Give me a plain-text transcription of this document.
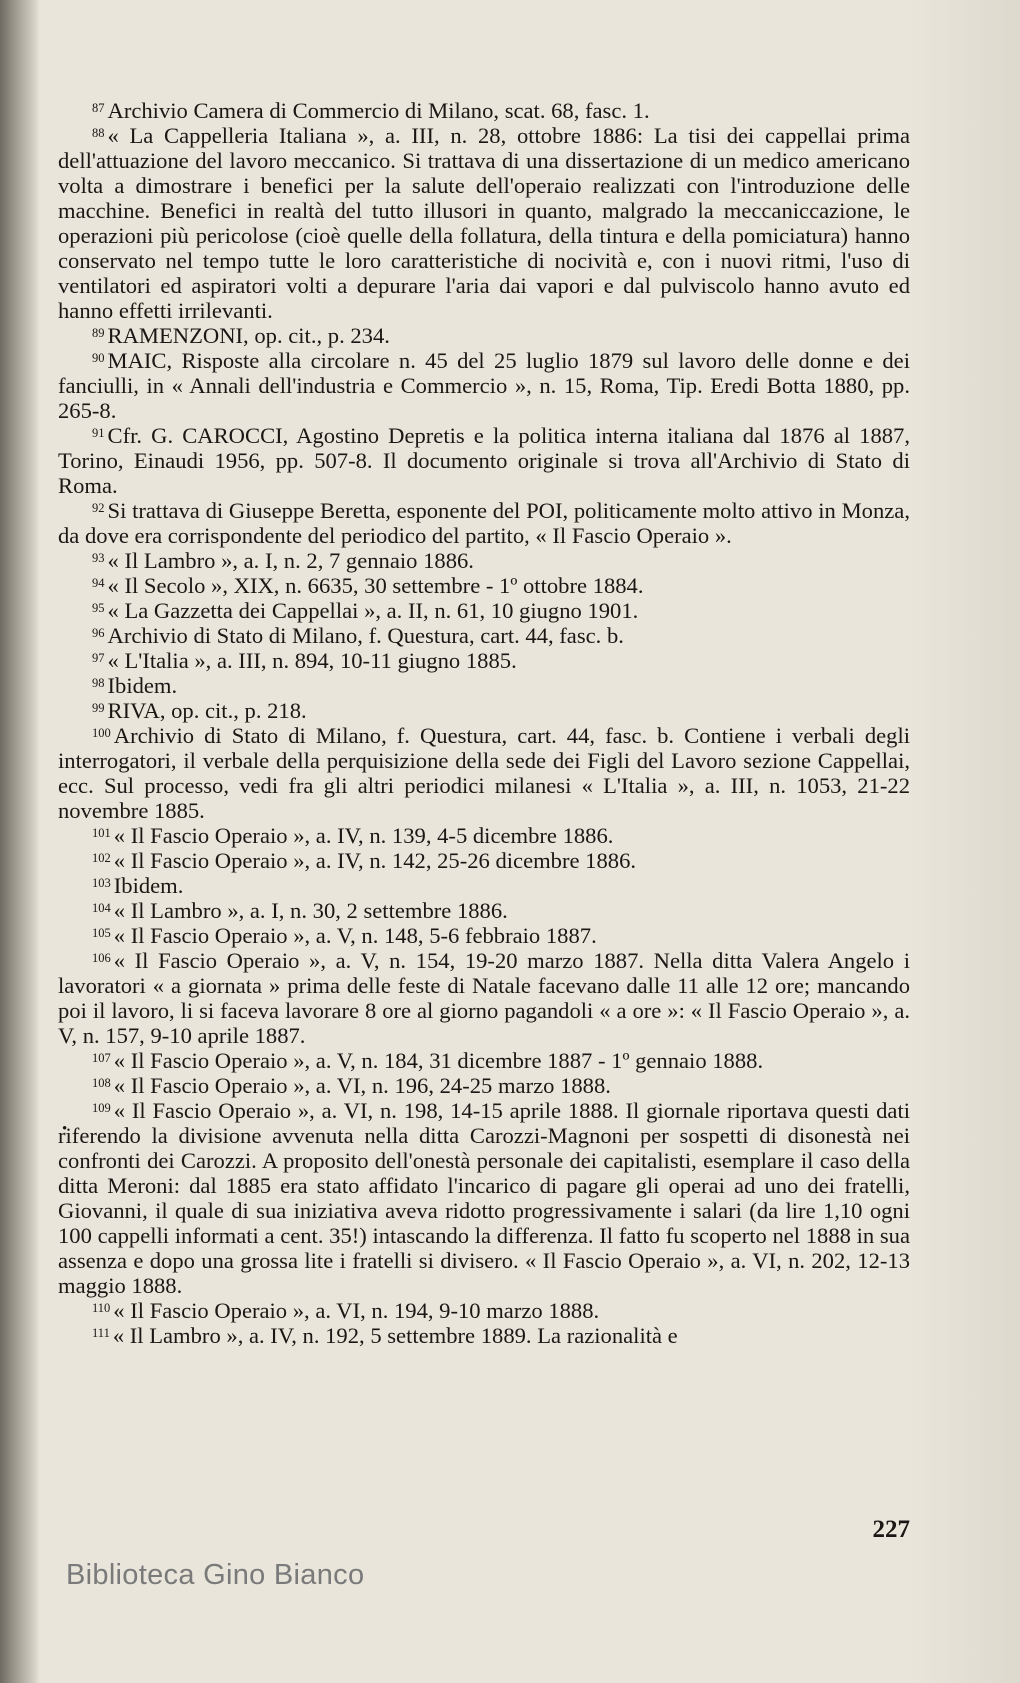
$^{87}$ Archivio Camera di Commercio di Milano, scat. 68, fasc. 1.

$^{88}$ « La Cappelleria Italiana », a. III, n. 28, ottobre 1886: La tisi dei cappellai prima dell'attuazione del lavoro meccanico. Si trattava di una dissertazione di un medico americano volta a dimostrare i benefici per la salute dell'operaio realizzati con l'introduzione delle macchine. Benefici in realtà del tutto illusori in quanto, malgrado la meccaniccazione, le operazioni più pericolose (cioè quelle della follatura, della tintura e della pomiciatura) hanno conservato nel tempo tutte le loro caratteristiche di nocività e, con i nuovi ritmi, l'uso di ventilatori ed aspiratori volti a depurare l'aria dai vapori e dal pulviscolo hanno avuto ed hanno effetti irrilevanti.

$^{89}$ RAMENZONI, op. cit., p. 234.

$^{90}$ MAIC, Risposte alla circolare n. 45 del 25 luglio 1879 sul lavoro delle donne e dei fanciulli, in « Annali dell'industria e Commercio », n. 15, Roma, Tip. Eredi Botta 1880, pp. 265-8.

$^{91}$ Cfr. G. CAROCCI, Agostino Depretis e la politica interna italiana dal 1876 al 1887, Torino, Einaudi 1956, pp. 507-8. Il documento originale si trova all'Archivio di Stato di Roma.

$^{92}$ Si trattava di Giuseppe Beretta, esponente del POI, politicamente molto attivo in Monza, da dove era corrispondente del periodico del partito, « Il Fascio Operaio ».

$^{93}$ « Il Lambro », a. I, n. 2, 7 gennaio 1886.

$^{94}$ « Il Secolo », XIX, n. 6635, 30 settembre - 1º ottobre 1884.

$^{95}$ « La Gazzetta dei Cappellai », a. II, n. 61, 10 giugno 1901.

$^{96}$ Archivio di Stato di Milano, f. Questura, cart. 44, fasc. b.

$^{97}$ « L'Italia », a. III, n. 894, 10-11 giugno 1885.

$^{98}$ Ibidem.

$^{99}$ RIVA, op. cit., p. 218.

$^{100}$ Archivio di Stato di Milano, f. Questura, cart. 44, fasc. b. Contiene i verbali degli interrogatori, il verbale della perquisizione della sede dei Figli del Lavoro sezione Cappellai, ecc. Sul processo, vedi fra gli altri periodici milanesi « L'Italia », a. III, n. 1053, 21-22 novembre 1885.

$^{101}$ « Il Fascio Operaio », a. IV, n. 139, 4-5 dicembre 1886.

$^{102}$ « Il Fascio Operaio », a. IV, n. 142, 25-26 dicembre 1886.

$^{103}$ Ibidem.

$^{104}$ « Il Lambro », a. I, n. 30, 2 settembre 1886.

$^{105}$ « Il Fascio Operaio », a. V, n. 148, 5-6 febbraio 1887.

$^{106}$ « Il Fascio Operaio », a. V, n. 154, 19-20 marzo 1887. Nella ditta Valera Angelo i lavoratori « a giornata » prima delle feste di Natale facevano dalle 11 alle 12 ore; mancando poi il lavoro, li si faceva lavorare 8 ore al giorno pagandoli « a ore »: « Il Fascio Operaio », a. V, n. 157, 9-10 aprile 1887.

$^{107}$ « Il Fascio Operaio », a. V, n. 184, 31 dicembre 1887 - 1º gennaio 1888.

$^{108}$ « Il Fascio Operaio », a. VI, n. 196, 24-25 marzo 1888.

$^{109}$ « Il Fascio Operaio », a. VI, n. 198, 14-15 aprile 1888. Il giornale riportava questi dati riferendo la divisione avvenuta nella ditta Carozzi-Magnoni per sospetti di disonestà nei confronti dei Carozzi. A proposito dell'onestà personale dei capitalisti, esemplare il caso della ditta Meroni: dal 1885 era stato affidato l'incarico di pagare gli operai ad uno dei fratelli, Giovanni, il quale di sua iniziativa aveva ridotto progressivamente i salari (da lire 1,10 ogni 100 cappelli informati a cent. 35!) intascando la differenza. Il fatto fu scoperto nel 1888 in sua assenza e dopo una grossa lite i fratelli si divisero. « Il Fascio Operaio », a. VI, n. 202, 12-13 maggio 1888.

$^{110}$ « Il Fascio Operaio », a. VI, n. 194, 9-10 marzo 1888.

$^{111}$ « Il Lambro », a. IV, n. 192, 5 settembre 1889. La razionalità e

227
Biblioteca Gino Bianco
